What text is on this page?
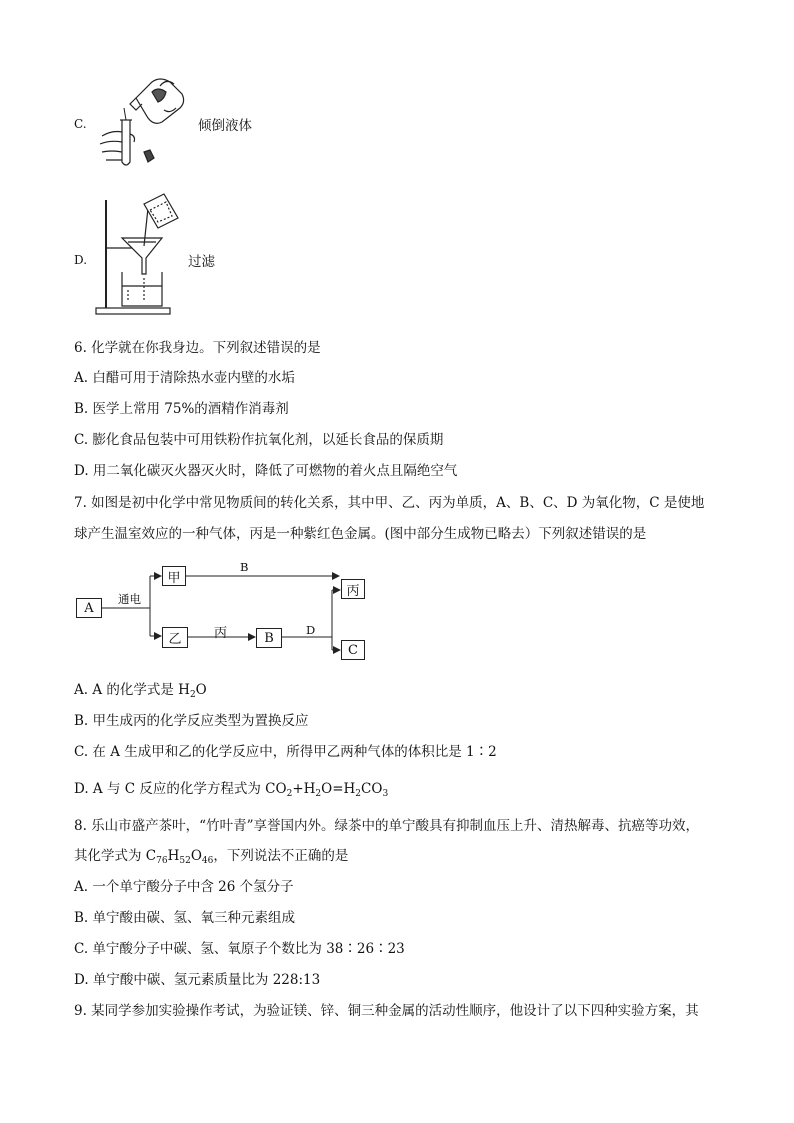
C.	倾倒液体
D.	过滤
6. 化学就在你我身边。下列叙述错误的是
A. 白醋可用于清除热水壶内壁的水垢
B. 医学上常用 75%的酒精作消毒剂
C. 膨化食品包装中可用铁粉作抗氧化剂，以延长食品的保质期
D. 用二氧化碳灭火器灭火时，降低了可燃物的着火点且隔绝空气
7. 如图是初中化学中常见物质间的转化关系，其中甲、乙、丙为单质，A、B、C、D 为氧化物，C 是使地
球产生温室效应的一种气体，丙是一种紫红色金属。(图中部分生成物已略去）下列叙述错误的是
A
甲
乙
丙
B
C
通电
B
丙	D
A. A 的化学式是 $H_2O$
B. 甲生成丙的化学反应类型为置换反应
C. 在 A 生成甲和乙的化学反应中，所得甲乙两种气体的体积比是 1∶2
D. A 与 C 反应的化学方程式为 $CO_2+H_2O=H_2CO_3$
8. 乐山市盛产茶叶，“竹叶青”享誉国内外。绿茶中的单宁酸具有抑制血压上升、清热解毒、抗癌等功效，
其化学式为 $C_{76}H_{52}O_{46}$，下列说法不正确的是
A. 一个单宁酸分子中含 26 个氢分子
B. 单宁酸由碳、氢、氧三种元素组成
C. 单宁酸分子中碳、氢、氧原子个数比为 38∶26∶23
D. 单宁酸中碳、氢元素质量比为 228:13
9. 某同学参加实验操作考试，为验证镁、锌、铜三种金属的活动性顺序，他设计了以下四种实验方案，其
